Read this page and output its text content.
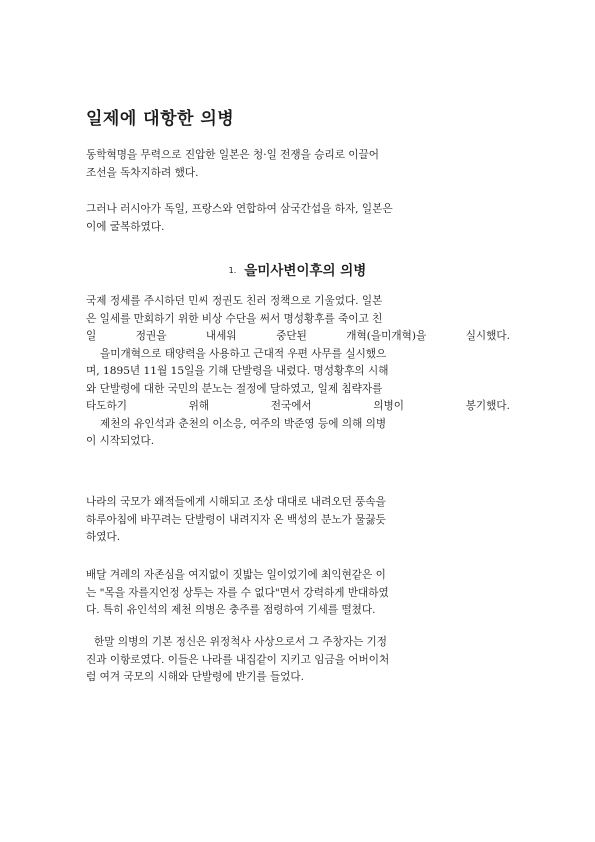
일제에 대항한 의병

동학혁명을 무력으로 진압한 일본은 청·일 전쟁을 승리로 이끌어
조선을 독차지하려 했다.

그러나 러시아가 독일, 프랑스와 연합하여 삼국간섭을 하자, 일본은
이에 굴복하였다.

1. 을미사변이후의 의병

국제 정세를 주시하던 민씨 정권도 친러 정책으로 기울었다. 일본
은 일세를 만회하기 위한 비상 수단을 써서 명성황후를 죽이고 친
일 정권을 내세워 중단된 개혁(을미개혁)을 실시했다.
을미개혁으로 태양력을 사용하고 근대적 우편 사무를 실시했으
며, 1895년 11월 15일을 기해 단발령을 내렸다. 명성황후의 시해
와 단발령에 대한 국민의 분노는 절정에 달하였고, 일제 침략자를
타도하기 위해 전국에서 의병이 봉기했다.
제천의 유인석과 춘천의 이소응, 여주의 박준영 등에 의해 의병
이 시작되었다.

나라의 국모가 왜적들에게 시해되고 조상 대대로 내려오던 풍속을
하루아침에 바꾸려는 단발령이 내려지자 온 백성의 분노가 물끓듯
하였다.

배달 겨레의 자존심을 여지없이 짓밟는 일이었기에 최익현같은 이
는 "목을 자를지언정 상투는 자를 수 없다"면서 강력하게 반대하였
다. 특히 유인석의 제천 의병은 충주를 점령하여 기세를 떨쳤다.

한말 의병의 기본 정신은 위정척사 사상으로서 그 주창자는 기정
진과 이항로였다. 이들은 나라를 내집같이 지키고 임금을 어버이처
럼 여겨 국모의 시해와 단발령에 반기를 들었다.
